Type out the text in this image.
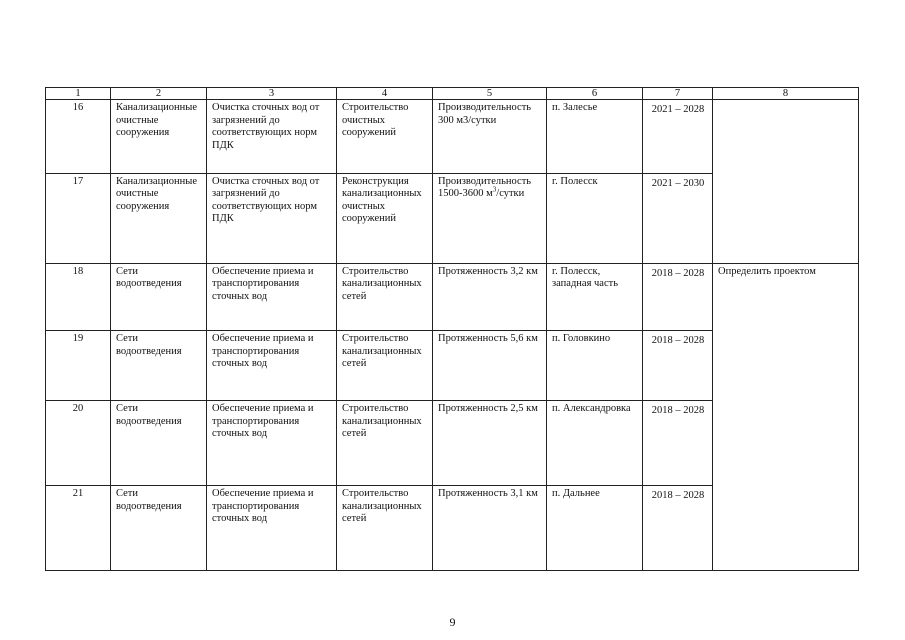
1	2	3	4	5	6	7	8
16	Канализационные очистные сооружения	Очистка сточных вод от загрязнений до соответствующих норм ПДК	Строительство очистных сооружений	Производительность 300 м3/сутки	п. Залесье	2021 – 2028	
17	Канализационные очистные сооружения	Очистка сточных вод от загрязнений до соответствующих норм ПДК	Реконструкция канализационных очистных сооружений	Производительность 1500-3600 $м^3$/сутки	г. Полесск	2021 – 2030	
18	Сети водоотведения	Обеспечение приема и транспортирования сточных вод	Строительство канализационных сетей	Протяженность 3,2 км	г. Полесск, западная часть	2018 – 2028	Определить проектом
19	Сети водоотведения	Обеспечение приема и транспортирования сточных вод	Строительство канализационных сетей	Протяженность 5,6 км	п. Головкино	2018 – 2028	
20	Сети водоотведения	Обеспечение приема и транспортирования сточных вод	Строительство канализационных сетей	Протяженность 2,5 км	п. Александровка	2018 – 2028	
21	Сети водоотведения	Обеспечение приема и транспортирования сточных вод	Строительство канализационных сетей	Протяженность 3,1 км	п. Дальнее	2018 – 2028	
9
